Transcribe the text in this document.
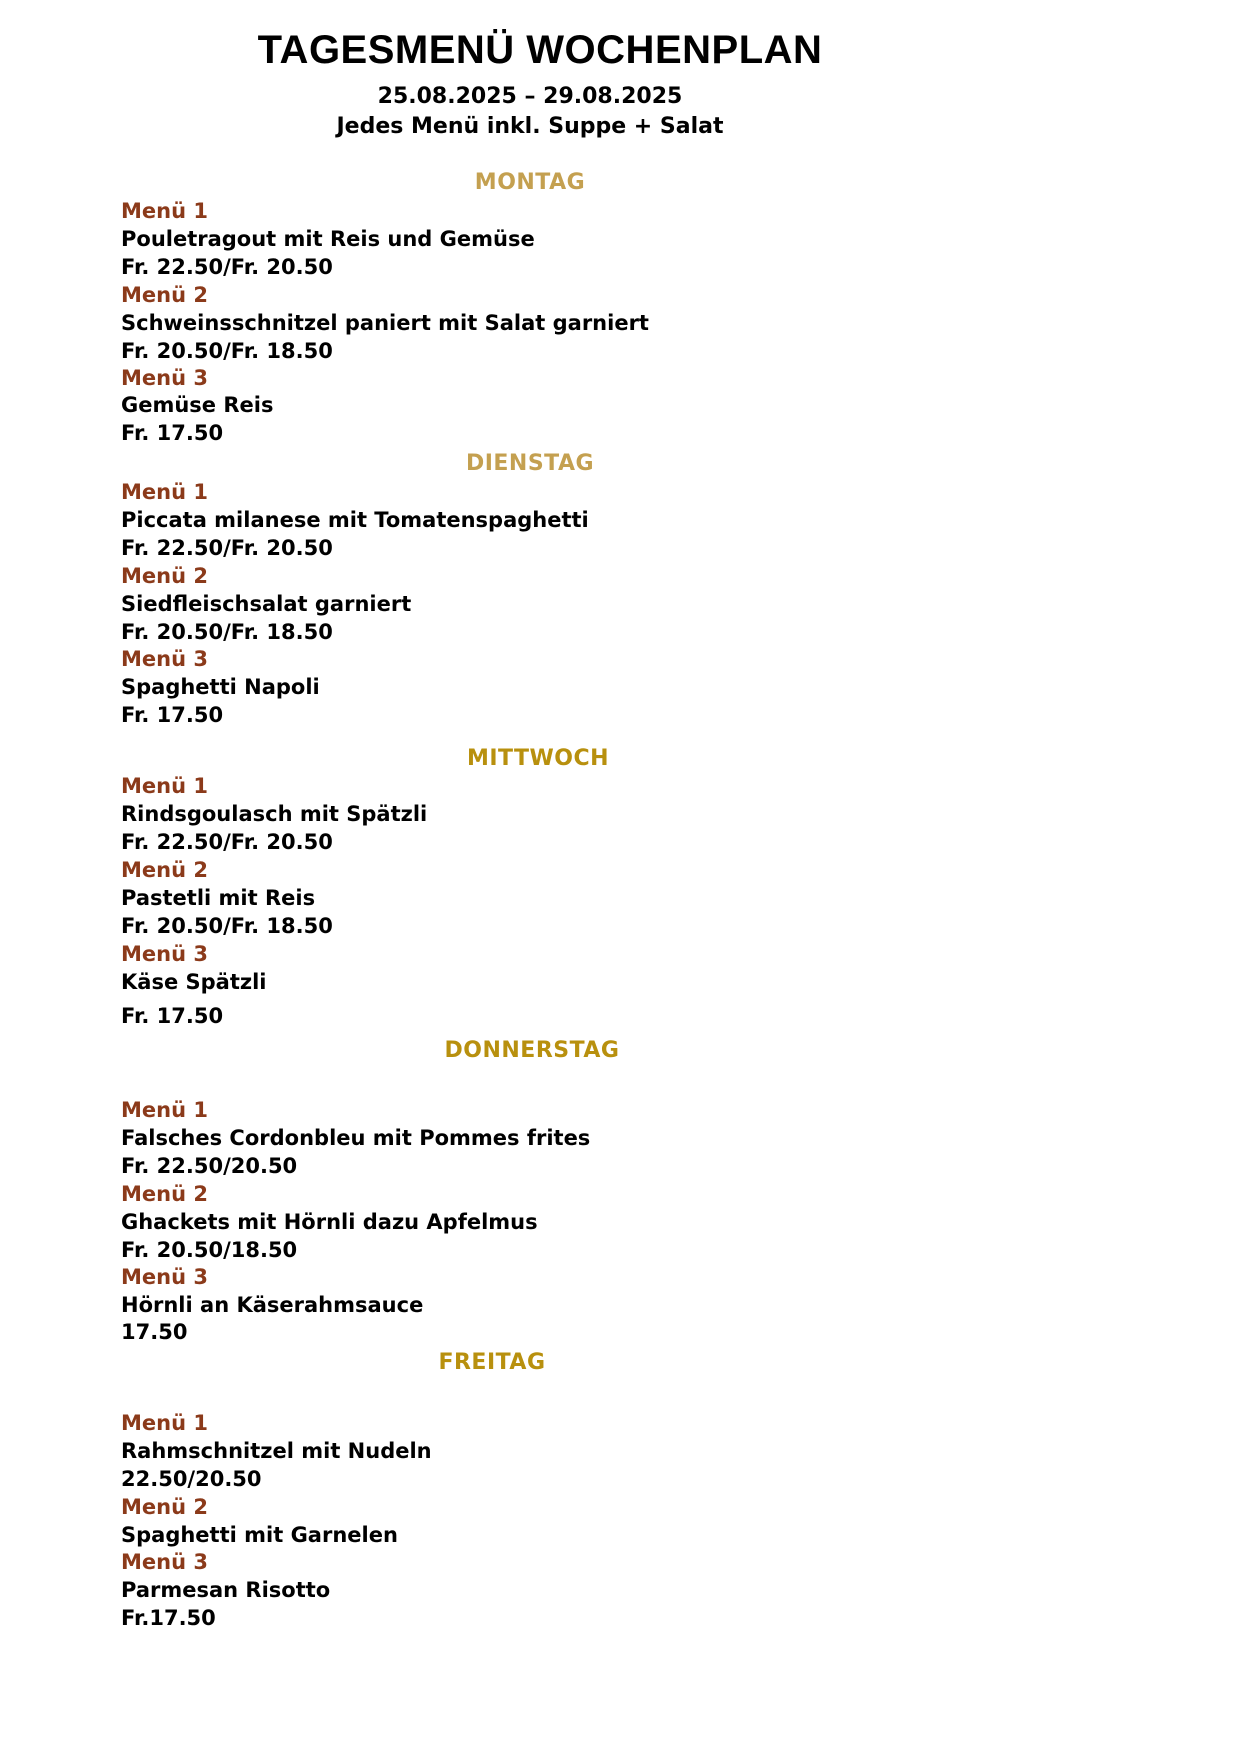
TAGESMENÜ WOCHENPLAN
25.08.2025 – 29.08.2025
Jedes Menü inkl. Suppe + Salat
MONTAG
Menü 1
Pouletragout mit Reis und Gemüse
Fr. 22.50/Fr. 20.50
Menü 2
Schweinsschnitzel paniert mit Salat garniert
Fr. 20.50/Fr. 18.50
Menü 3
Gemüse Reis
Fr. 17.50
DIENSTAG
Menü 1
Piccata milanese mit Tomatenspaghetti
Fr. 22.50/Fr. 20.50
Menü 2
Siedfleischsalat garniert
Fr. 20.50/Fr. 18.50
Menü 3
Spaghetti Napoli
Fr. 17.50
MITTWOCH
Menü 1
Rindsgoulasch mit Spätzli
Fr. 22.50/Fr. 20.50
Menü 2
Pastetli mit Reis
Fr. 20.50/Fr. 18.50
Menü 3
Käse Spätzli
Fr. 17.50
DONNERSTAG
Menü 1
Falsches Cordonbleu mit Pommes frites
Fr. 22.50/20.50
Menü 2
Ghackets mit Hörnli dazu Apfelmus
Fr. 20.50/18.50
Menü 3
Hörnli an Käserahmsauce
17.50
FREITAG
Menü 1
Rahmschnitzel mit Nudeln
22.50/20.50
Menü 2
Spaghetti mit Garnelen
Menü 3
Parmesan Risotto
Fr.17.50
